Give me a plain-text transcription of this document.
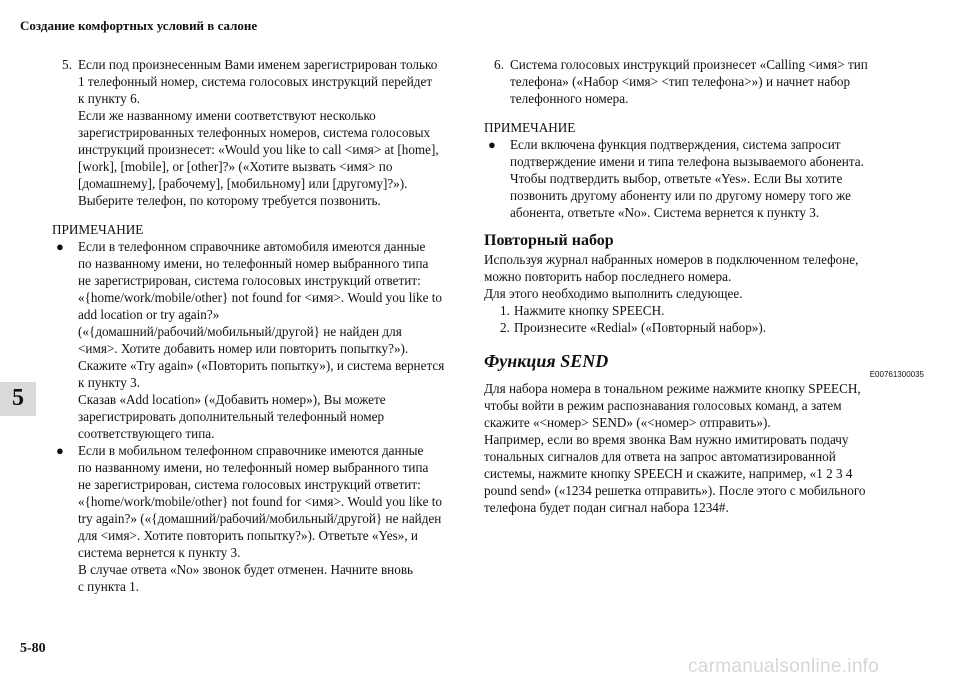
Создание комфортных условий в салоне
5
5. Если под произнесенным Вами именем зарегистрирован только
1 телефонный номер, система голосовых инструкций перейдет
к пункту 6.
Если же названному имени соответствуют несколько
зарегистрированных телефонных номеров, система голосовых
инструкций произнесет: «Would you like to call <имя> at [home],
[work], [mobile], or [other]?» («Хотите вызвать <имя> по
[домашнему], [рабочему], [мобильному] или [другому]?»).
Выберите телефон, по которому требуется позвонить.
ПРИМЕЧАНИЕ
● Если в телефонном справочнике автомобиля имеются данные
по названному имени, но телефонный номер выбранного типа
не зарегистрирован, система голосовых инструкций ответит:
«{home/work/mobile/other} not found for <имя>. Would you like to
add location or try again?»
(«{домашний/рабочий/мобильный/другой} не найден для
<имя>. Хотите добавить номер или повторить попытку?»).
Скажите «Try again» («Повторить попытку»), и система вернется
к пункту 3.
Сказав «Add location» («Добавить номер»), Вы можете
зарегистрировать дополнительный телефонный номер
соответствующего типа.
● Если в мобильном телефонном справочнике имеются данные
по названному имени, но телефонный номер выбранного типа
не зарегистрирован, система голосовых инструкций ответит:
«{home/work/mobile/other} not found for <имя>. Would you like to
try again?» («{домашний/рабочий/мобильный/другой} не найден
для <имя>. Хотите повторить попытку?»). Ответьте «Yes», и
система вернется к пункту 3.
В случае ответа «No» звонок будет отменен. Начните вновь
с пункта 1.
6. Система голосовых инструкций произнесет «Calling <имя> тип
телефона» («Набор <имя> <тип телефона>») и начнет набор
телефонного номера.
ПРИМЕЧАНИЕ
● Если включена функция подтверждения, система запросит
подтверждение имени и типа телефона вызываемого абонента.
Чтобы подтвердить выбор, ответьте «Yes». Если Вы хотите
позвонить другому абоненту или по другому номеру того же
абонента, ответьте «No». Система вернется к пункту 3.
Повторный набор
Используя журнал набранных номеров в подключенном телефоне,
можно повторить набор последнего номера.
Для этого необходимо выполнить следующее.
1. Нажмите кнопку SPEECH.
2. Произнесите «Redial» («Повторный набор»).
Функция SEND
E00761300035
Для набора номера в тональном режиме нажмите кнопку SPEECH,
чтобы войти в режим распознавания голосовых команд, а затем
скажите «<номер> SEND» («<номер> отправить»).
Например, если во время звонка Вам нужно имитировать подачу
тональных сигналов для ответа на запрос автоматизированной
системы, нажмите кнопку SPEECH и скажите, например, «1 2 3 4
pound send» («1234 решетка отправить»). После этого с мобильного
телефона будет подан сигнал набора 1234#.
5-80
carmanualsonline.info
